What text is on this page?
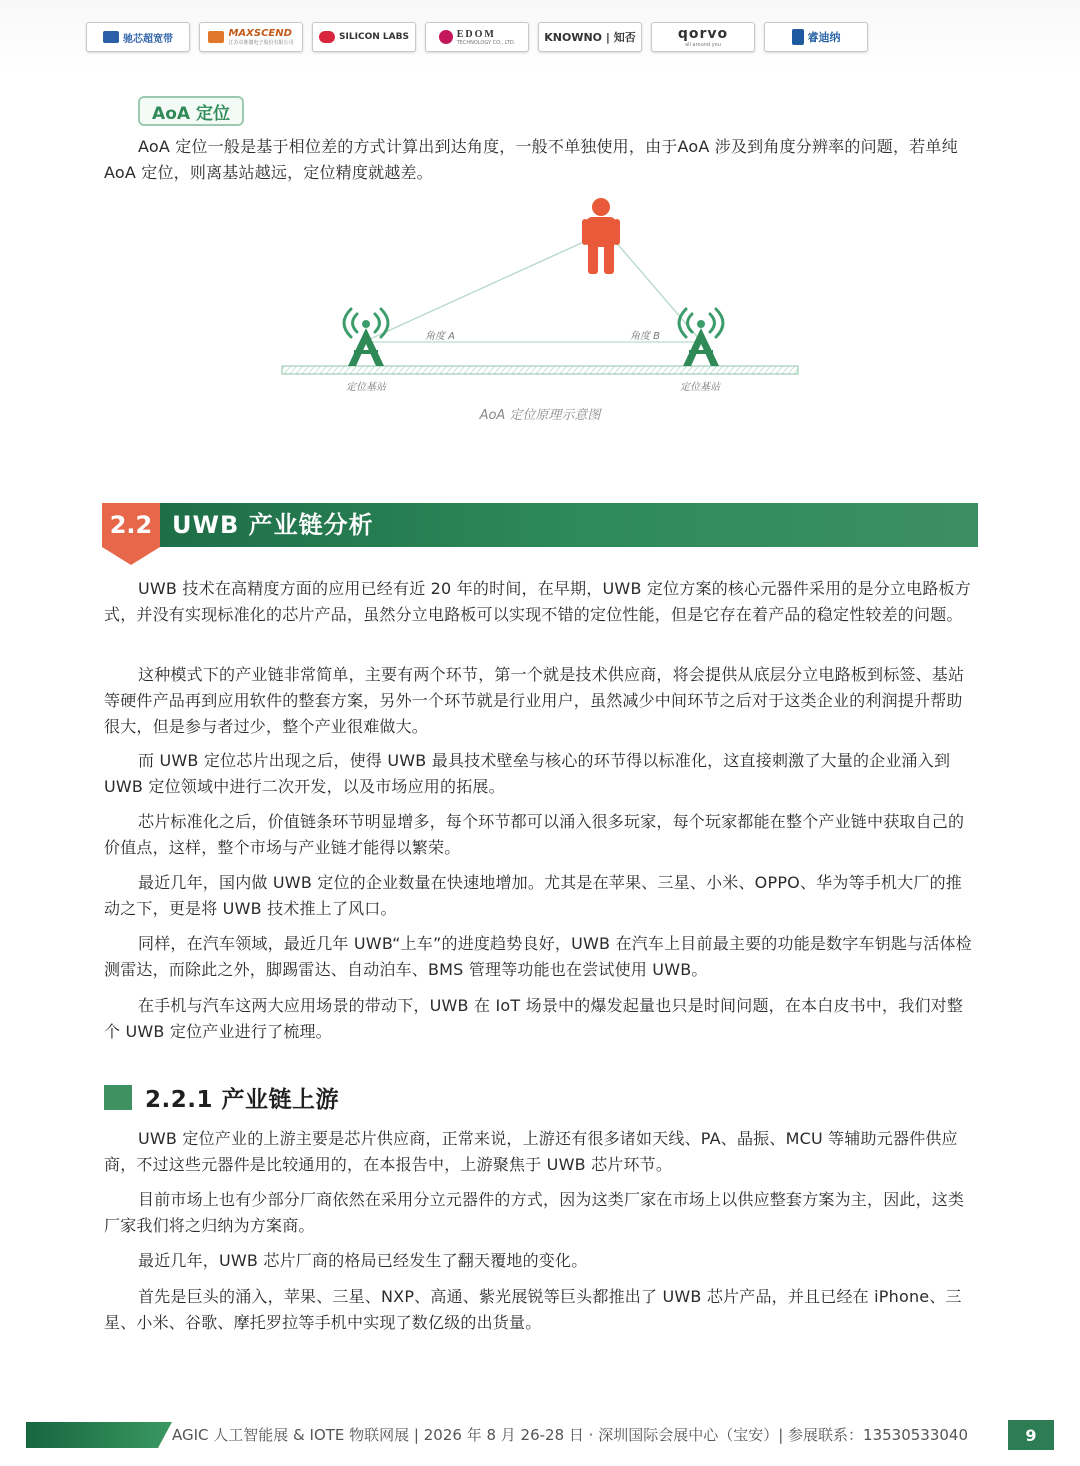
驰芯超宽带	MAXSCEND
江苏卓胜微电子股份有限公司
SILICON LABS	EDOM
TECHNOLOGY CO., LTD.	KNOWNO | 知否	qorvo
all around you
睿迪纳
AoA 定位

AoA 定位一般是基于相位差的方式计算出到达角度，一般不单独使用，由于AoA 涉及到角度分辨率的问题，若单纯 AoA 定位，则离基站越远，定位精度就越差。

角度 A	角度 B
定位基站	定位基站
AoA 定位原理示意图
2.2 UWB 产业链分析

UWB 技术在高精度方面的应用已经有近 20 年的时间，在早期，UWB 定位方案的核心元器件采用的是分立电路板方式，并没有实现标准化的芯片产品，虽然分立电路板可以实现不错的定位性能，但是它存在着产品的稳定性较差的问题。

这种模式下的产业链非常简单，主要有两个环节，第一个就是技术供应商，将会提供从底层分立电路板到标签、基站等硬件产品再到应用软件的整套方案，另外一个环节就是行业用户，虽然减少中间环节之后对于这类企业的利润提升帮助很大，但是参与者过少，整个产业很难做大。

而 UWB 定位芯片出现之后，使得 UWB 最具技术壁垒与核心的环节得以标准化，这直接刺激了大量的企业涌入到 UWB 定位领域中进行二次开发，以及市场应用的拓展。

芯片标准化之后，价值链条环节明显增多，每个环节都可以涌入很多玩家，每个玩家都能在整个产业链中获取自己的价值点，这样，整个市场与产业链才能得以繁荣。

最近几年，国内做 UWB 定位的企业数量在快速地增加。尤其是在苹果、三星、小米、OPPO、华为等手机大厂的推动之下，更是将 UWB 技术推上了风口。

同样，在汽车领域，最近几年 UWB“上车”的进度趋势良好，UWB 在汽车上目前最主要的功能是数字车钥匙与活体检测雷达，而除此之外，脚踢雷达、自动泊车、BMS 管理等功能也在尝试使用 UWB。

在手机与汽车这两大应用场景的带动下，UWB 在 IoT 场景中的爆发起量也只是时间问题，在本白皮书中，我们对整个 UWB 定位产业进行了梳理。

2.2.1 产业链上游

UWB 定位产业的上游主要是芯片供应商，正常来说，上游还有很多诸如天线、PA、晶振、MCU 等辅助元器件供应商，不过这些元器件是比较通用的，在本报告中，上游聚焦于 UWB 芯片环节。

目前市场上也有少部分厂商依然在采用分立元器件的方式，因为这类厂家在市场上以供应整套方案为主，因此，这类厂家我们将之归纳为方案商。

最近几年，UWB 芯片厂商的格局已经发生了翻天覆地的变化。

首先是巨头的涌入，苹果、三星、NXP、高通、紫光展锐等巨头都推出了 UWB 芯片产品，并且已经在 iPhone、三星、小米、谷歌、摩托罗拉等手机中实现了数亿级的出货量。

AGIC 人工智能展 & IOTE 物联网展 | 2026 年 8 月 26-28 日 · 深圳国际会展中心（宝安）| 参展联系：13530533040	9
